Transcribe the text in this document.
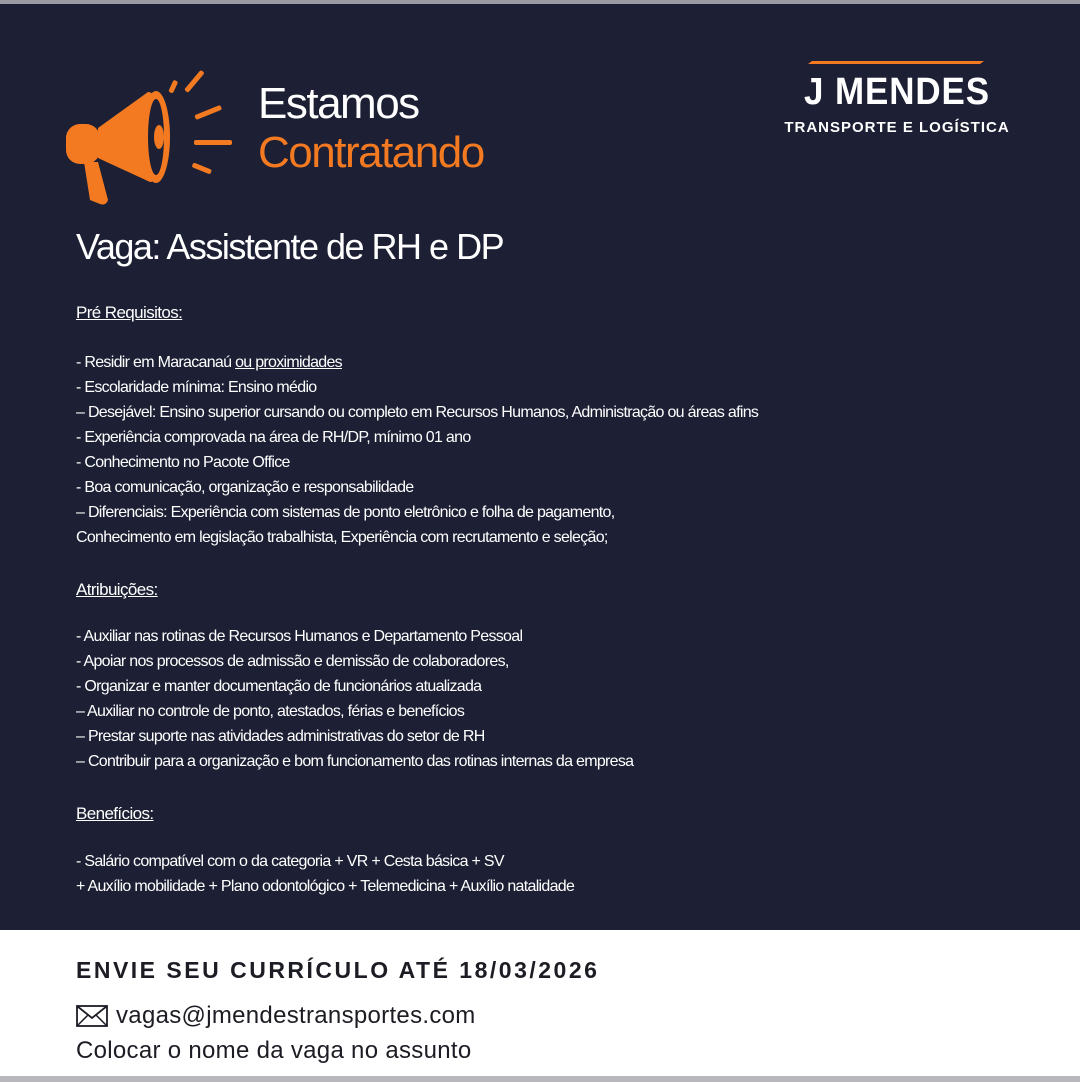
Estamos
Contratando
J MENDES
TRANSPORTE E LOGÍSTICA
Vaga: Assistente de RH e DP
Pré Requisitos:
- Residir em Maracanaú ou proximidades
- Escolaridade mínima: Ensino médio
– Desejável: Ensino superior cursando ou completo em Recursos Humanos, Administração ou áreas afins
- Experiência comprovada na área de RH/DP, mínimo 01 ano
- Conhecimento no Pacote Office
- Boa comunicação, organização e responsabilidade
– Diferenciais: Experiência com sistemas de ponto eletrônico e folha de pagamento,
Conhecimento em legislação trabalhista, Experiência com recrutamento e seleção;
Atribuições:
- Auxiliar nas rotinas de Recursos Humanos e Departamento Pessoal
- Apoiar nos processos de admissão e demissão de colaboradores,
- Organizar e manter documentação de funcionários atualizada
– Auxiliar no controle de ponto, atestados, férias e benefícios
– Prestar suporte nas atividades administrativas do setor de RH
– Contribuir para a organização e bom funcionamento das rotinas internas da empresa
Benefícios:
- Salário compatível com o da categoria + VR + Cesta básica + SV
+ Auxílio mobilidade + Plano odontológico + Telemedicina + Auxílio natalidade
ENVIE SEU CURRÍCULO ATÉ 18/03/2026
vagas@jmendestransportes.com
Colocar o nome da vaga no assunto
